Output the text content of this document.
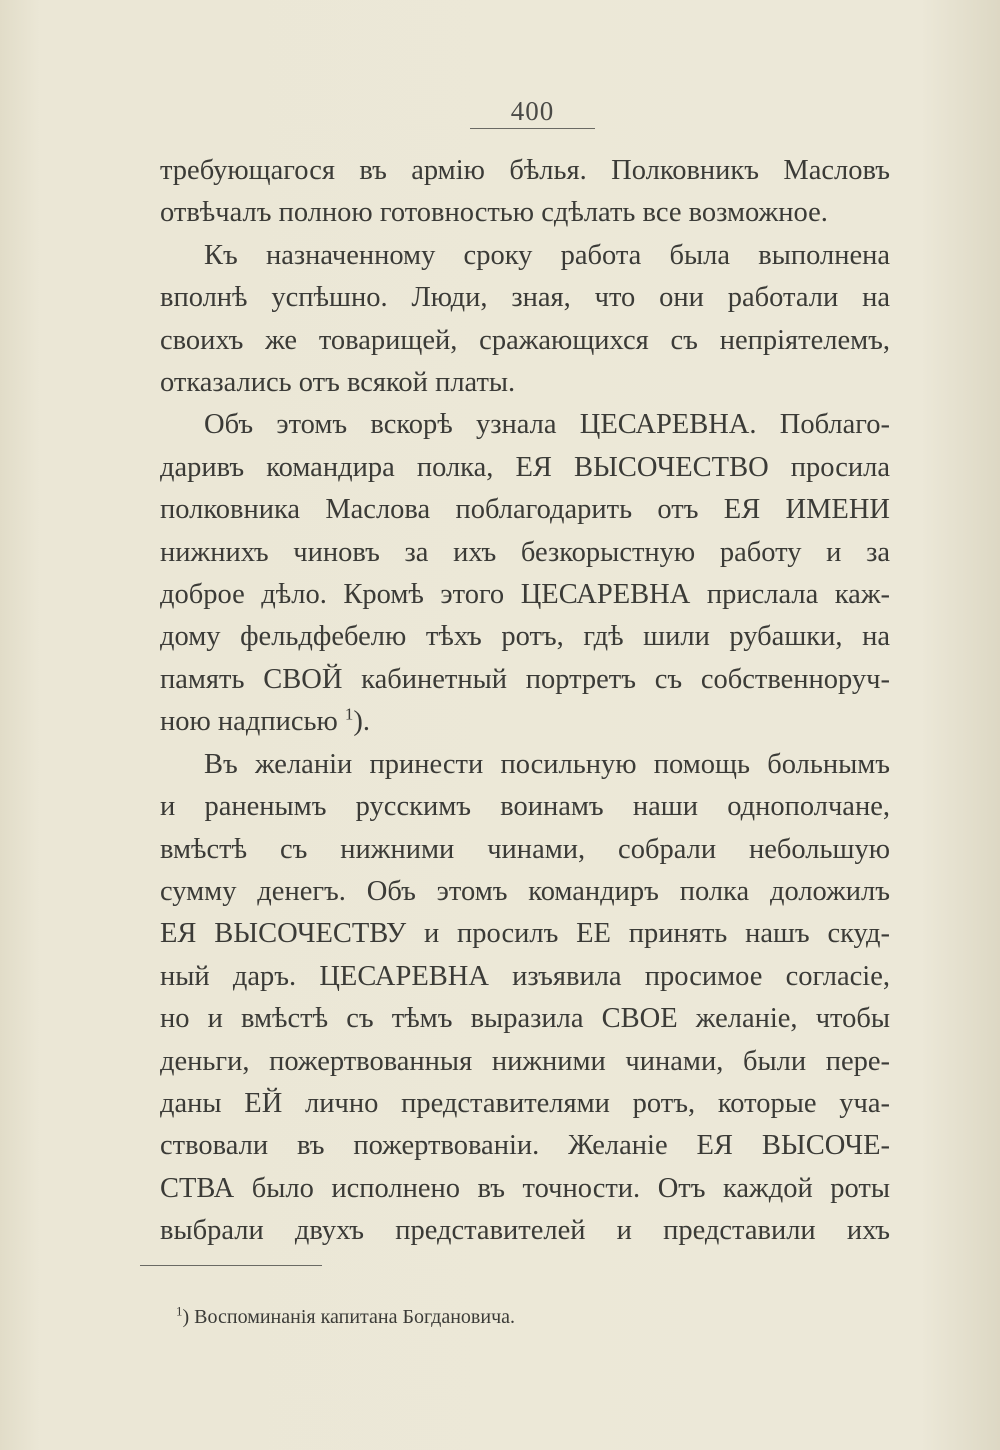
400
требующагося въ армію бѣлья. Полковникъ Масловъ
отвѣчалъ полною готовностью сдѣлать все возможное.
Къ назначенному сроку работа была выполнена
вполнѣ успѣшно. Люди, зная, что они работали на
своихъ же товарищей, сражающихся съ непріятелемъ,
отказались отъ всякой платы.
Объ этомъ вскорѣ узнала ЦЕСАРЕВНА. Поблаго-
даривъ командира полка, ЕЯ ВЫСОЧЕСТВО просила
полковника Маслова поблагодарить отъ ЕЯ ИМЕНИ
нижнихъ чиновъ за ихъ безкорыстную работу и за
доброе дѣло. Кромѣ этого ЦЕСАРЕВНА прислала каж-
дому фельдфебелю тѣхъ ротъ, гдѣ шили рубашки, на
память СВОЙ кабинетный портретъ съ собственноруч-
ною надписью $^1$).
Въ желаніи принести посильную помощь больнымъ
и раненымъ русскимъ воинамъ наши однополчане,
вмѣстѣ съ нижними чинами, собрали небольшую
сумму денегъ. Объ этомъ командиръ полка доложилъ
ЕЯ ВЫСОЧЕСТВУ и просилъ ЕЕ принять нашъ скуд-
ный даръ. ЦЕСАРЕВНА изъявила просимое согласіе,
но и вмѣстѣ съ тѣмъ выразила СВОЕ желаніе, чтобы
деньги, пожертвованныя нижними чинами, были пере-
даны ЕЙ лично представителями ротъ, которые уча-
ствовали въ пожертвованіи. Желаніе ЕЯ ВЫСОЧЕ-
СТВА было исполнено въ точности. Отъ каждой роты
выбрали двухъ представителей и представили ихъ
$^1$) Воспоминанія капитана Богдановича.
